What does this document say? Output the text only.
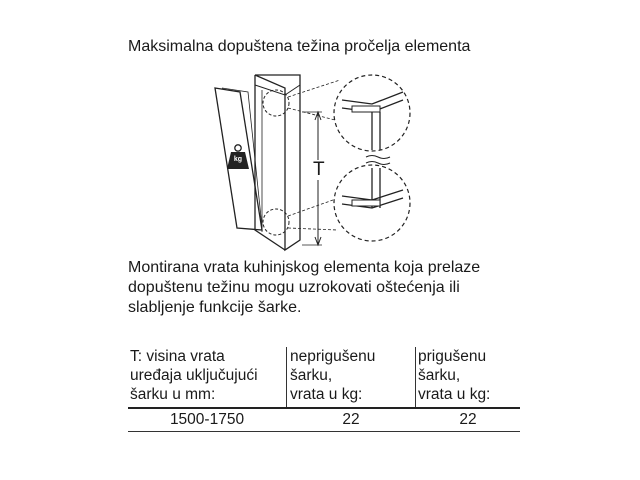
Maksimalna dopuštena težina pročelja elementa
T
kg
Montirana vrata kuhinjskog elementa koja prelaze
dopuštenu težinu mogu uzrokovati oštećenja ili
slabljenje funkcije šarke.
T: visina vrata
uređaja uključujući
šarku u mm:
neprigušenu
šarku,
vrata u kg:
prigušenu
šarku,
vrata u kg:
1500-1750	22	22
